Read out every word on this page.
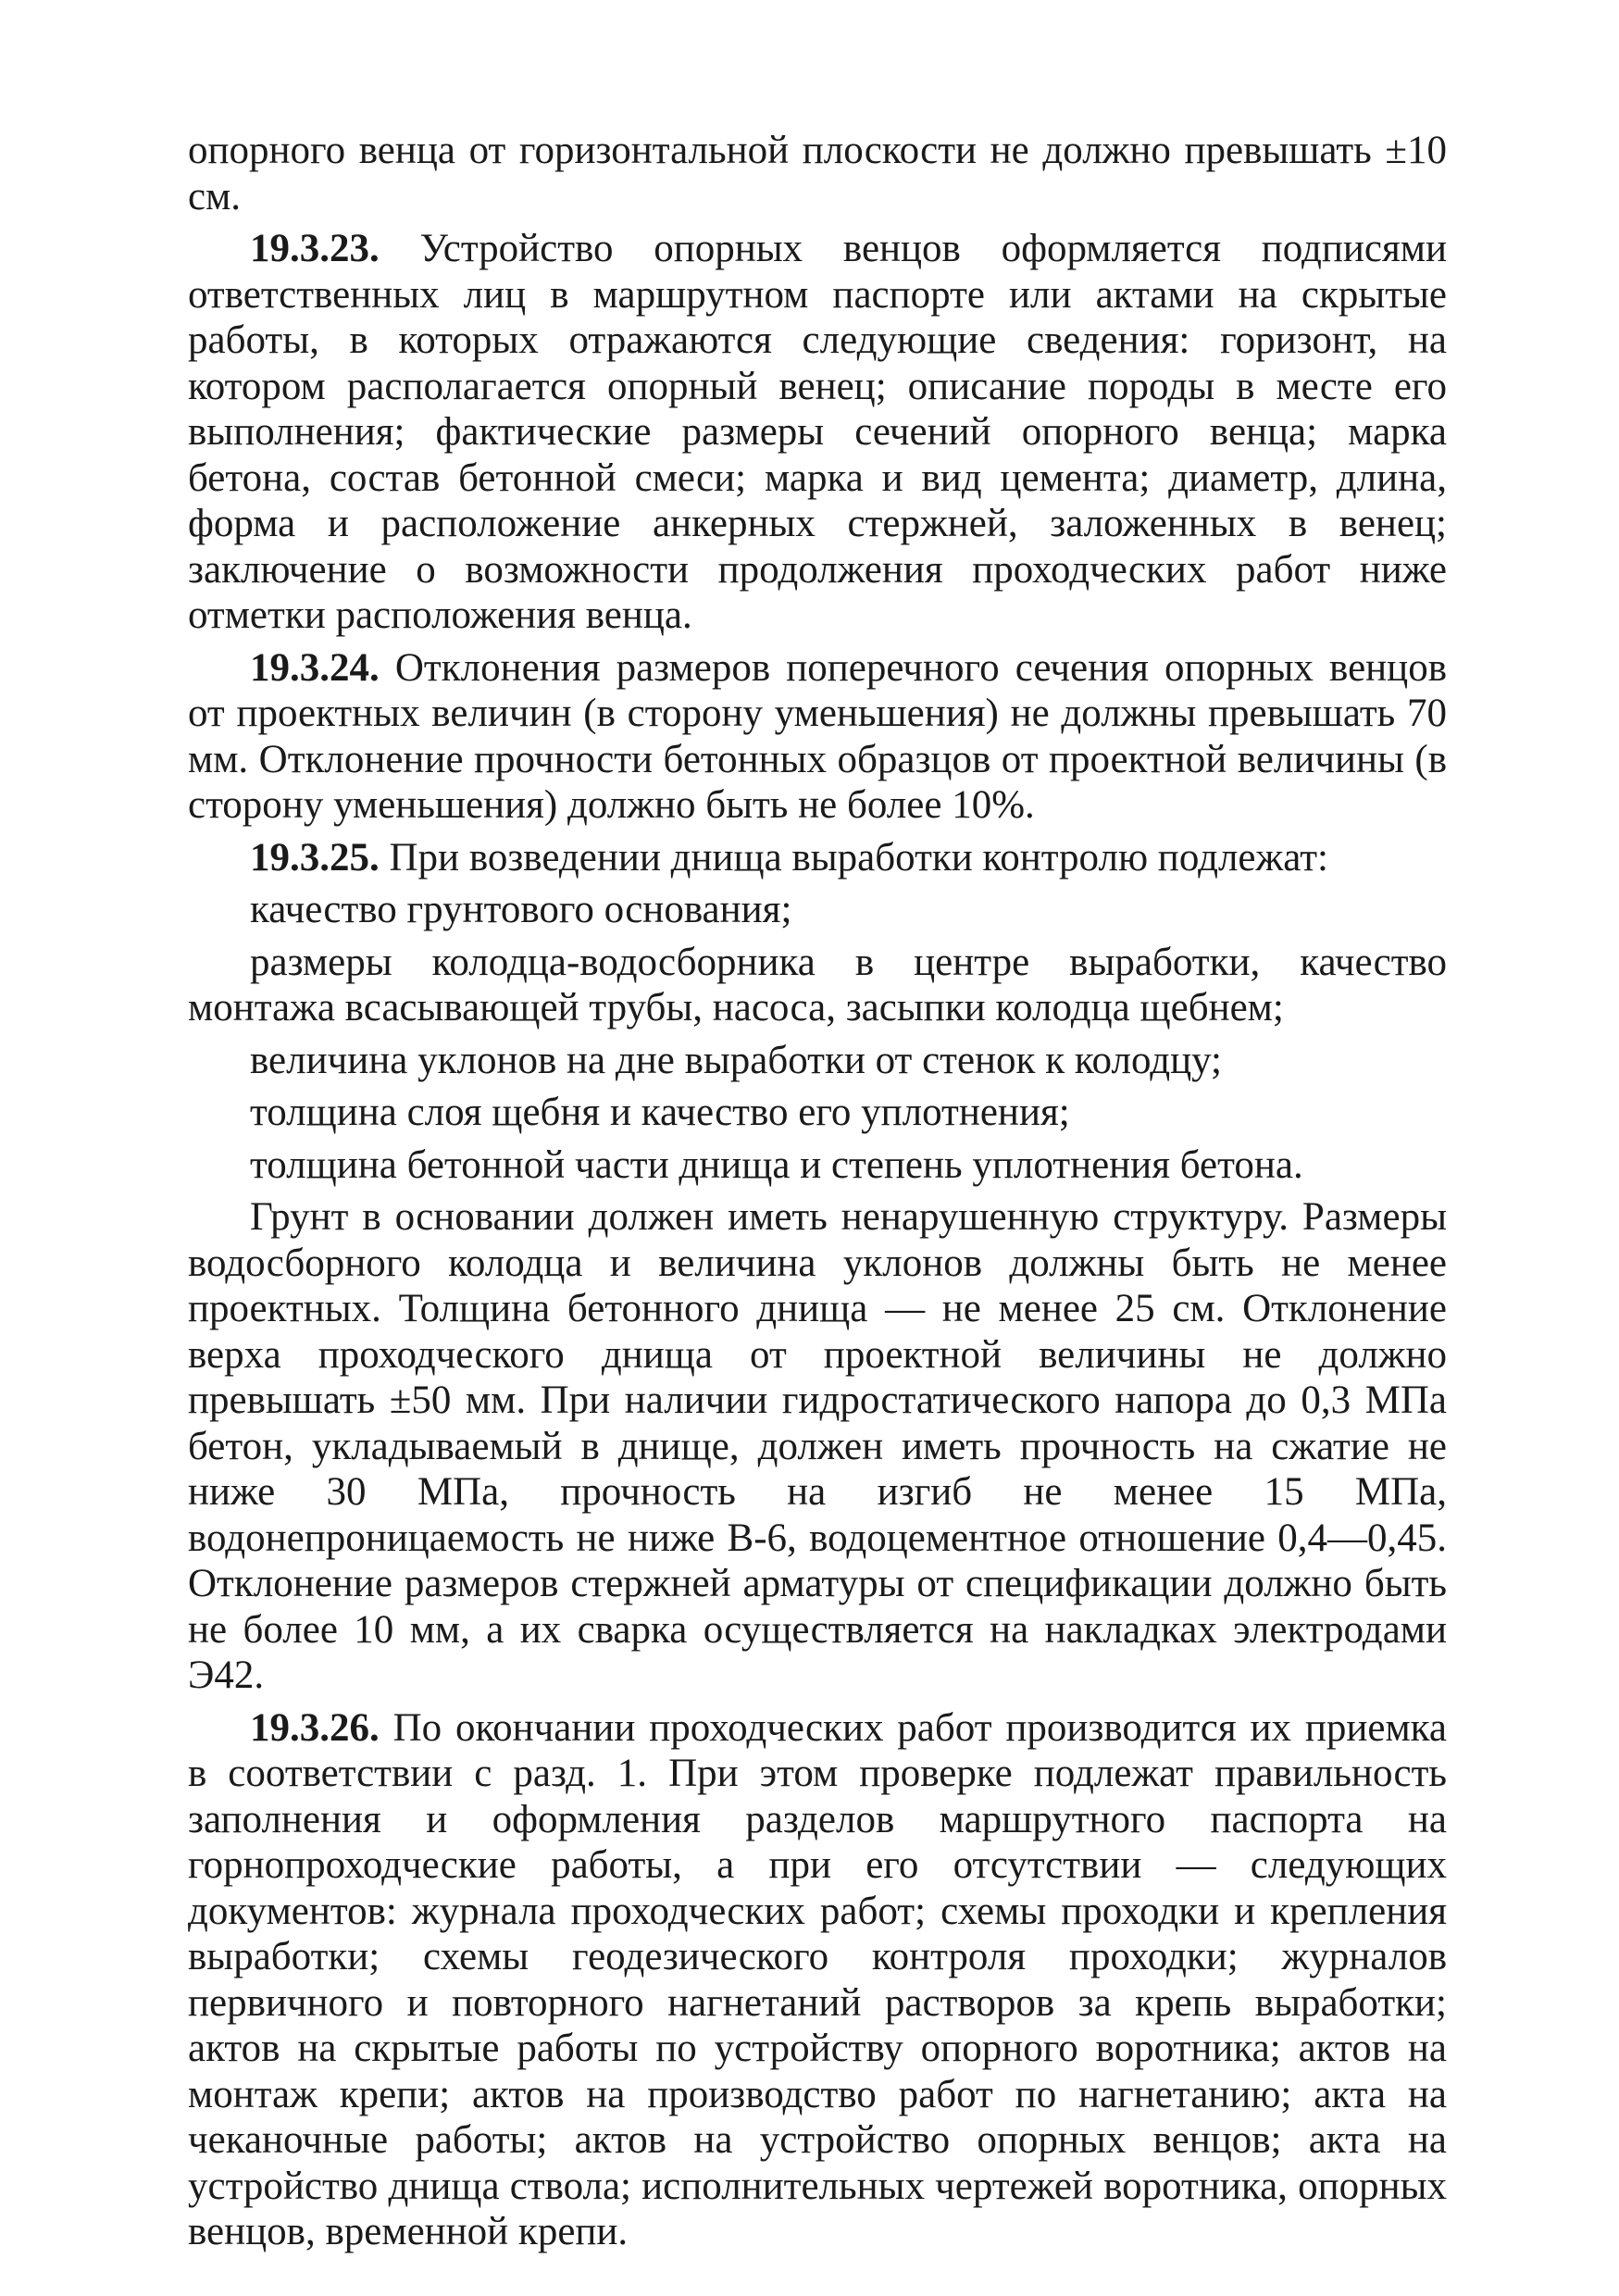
опорного венца от горизонтальной плоскости не должно превышать ±10 см.

19.3.23. Устройство опорных венцов оформляется подписями ответственных лиц в маршрутном паспорте или актами на скрытые работы, в которых отражаются следующие сведения: горизонт, на котором располагается опорный венец; описание породы в месте его выполнения; фактические размеры сечений опорного венца; марка бетона, состав бетонной смеси; марка и вид цемента; диаметр, длина, форма и расположение анкерных стержней, заложенных в венец; заключение о возможности продолжения проходческих работ ниже отметки расположения венца.

19.3.24. Отклонения размеров поперечного сечения опорных венцов от проектных величин (в сторону уменьшения) не должны превышать 70 мм. Отклонение прочности бетонных образцов от проектной величины (в сторону уменьшения) должно быть не более 10%.

19.3.25. При возведении днища выработки контролю подлежат:

качество грунтового основания;

размеры колодца-водосборника в центре выработки, качество монтажа всасывающей трубы, насоса, засыпки колодца щебнем;

величина уклонов на дне выработки от стенок к колодцу;

толщина слоя щебня и качество его уплотнения;

толщина бетонной части днища и степень уплотнения бетона.

Грунт в основании должен иметь ненарушенную структуру. Размеры водосборного колодца и величина уклонов должны быть не менее проектных. Толщина бетонного днища — не менее 25 см. Отклонение верха проходческого днища от проектной величины не должно превышать ±50 мм. При наличии гидростатического напора до 0,3 МПа бетон, укладываемый в днище, должен иметь прочность на сжатие не ниже 30 МПа, прочность на изгиб не менее 15 МПа, водонепроницаемость не ниже В-6, водоцементное отношение 0,4—0,45. Отклонение размеров стержней арматуры от спецификации должно быть не более 10 мм, а их сварка осуществляется на накладках электродами Э42.

19.3.26. По окончании проходческих работ производится их приемка в соответствии с разд. 1. При этом проверке подлежат правильность заполнения и оформления разделов маршрутного паспорта на горнопроходческие работы, а при его отсутствии — следующих документов: журнала проходческих работ; схемы проходки и крепления выработки; схемы геодезического контроля проходки; журналов первичного и повторного нагнетаний растворов за крепь выработки; актов на скрытые работы по устройству опорного воротника; актов на монтаж крепи; актов на производство работ по нагнетанию; акта на чеканочные работы; актов на устройство опорных венцов; акта на устройство днища ствола; исполнительных чертежей воротника, опорных венцов, временной крепи.
